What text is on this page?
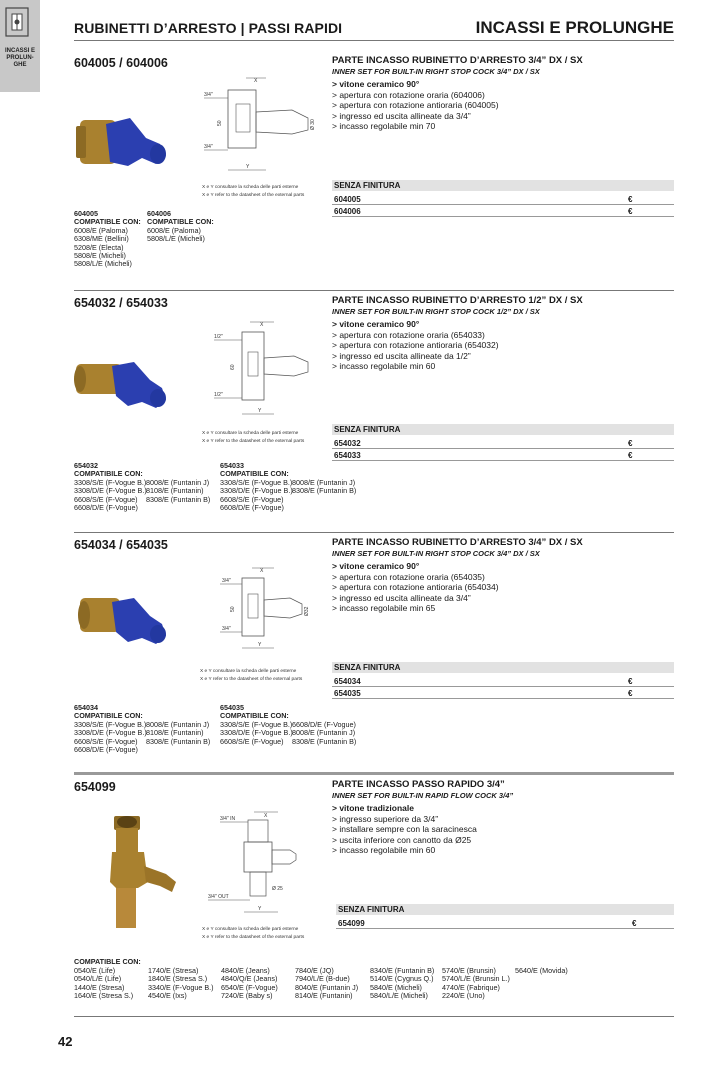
INCASSI E PROLUN- GHE
RUBINETTI D’ARRESTO | PASSI RAPIDI	INCASSI E PROLUNGHE
604005 / 604006
X
3/4"
3/4"
50	Ø 30
Y
X e Y consultare la scheda delle parti esterne
X e Y refer to the datasheet of the external parts
PARTE INCASSO RUBINETTO D’ARRESTO 3/4” DX / SX
INNER SET FOR BUILT-IN RIGHT STOP COCK 3/4” DX / SX
> vitone ceramico 90°
> apertura con rotazione oraria (604006)
> apertura con rotazione antioraria (604005)
> ingresso ed uscita allineate da 3/4”
> incasso regolabile min 70
SENZA FINITURA
604005	€
604006	€
604005
COMPATIBLE CON:
6008/E (Paloma)
6308/ME (Bellini)
5208/E (Electa)
5808/E (Micheli)
5808/L/E (Micheli)
604006
COMPATIBLE CON:
6008/E (Paloma)
5808/L/E (Micheli)
654032 / 654033
X
1/2"
1/2"
60
Y
X e Y consultare la scheda delle parti esterne
X e Y refer to the datasheet of the external parts
PARTE INCASSO RUBINETTO D’ARRESTO 1/2” DX / SX
INNER SET FOR BUILT-IN RIGHT STOP COCK 1/2” DX / SX
> vitone ceramico 90°
> apertura con rotazione oraria (654033)
> apertura con rotazione antioraria (654032)
> ingresso ed uscita allineate da 1/2”
> incasso regolabile min 60
SENZA FINITURA
654032	€
654033	€
654032
COMPATIBILE CON:
3308/S/E (F-Vogue B.)
3308/D/E (F-Vogue B.)
6608/S/E (F-Vogue)
6608/D/E (F-Vogue)
8008/E (Funtanin J)
8108/E (Funtanin)
8308/E (Funtanin B)
654033
COMPATIBILE CON:
3308/S/E (F-Vogue B.)
3308/D/E (F-Vogue B.)
6608/S/E (F-Vogue)
6608/D/E (F-Vogue)
8008/E (Funtanin J)
8308/E (Funtanin B)
654034 / 654035
X
3/4"
3/4"
50	Ø32
Y
X e Y consultare la scheda delle parti esterne
X e Y refer to the datasheet of the external parts
PARTE INCASSO RUBINETTO D’ARRESTO 3/4” DX / SX
INNER SET FOR BUILT-IN RIGHT STOP COCK 3/4” DX / SX
> vitone ceramico 90°
> apertura con rotazione oraria (654035)
> apertura con rotazione antioraria (654034)
> ingresso ed uscita allineate da 3/4”
> incasso regolabile min 65
SENZA FINITURA
654034	€
654035	€
654034
COMPATIBILE CON:
3308/S/E (F-Vogue B.)
3308/D/E (F-Vogue B.)
6608/S/E (F-Vogue)
6608/D/E (F-Vogue)
8008/E (Funtanin J)
8108/E (Funtanin)
8308/E (Funtanin B)
654035
COMPATIBILE CON:
3308/S/E (F-Vogue B.)
3308/D/E (F-Vogue B.)
6608/S/E (F-Vogue)
6608/D/E (F-Vogue)
8008/E (Funtanin J)
8308/E (Funtanin B)
654099
3/4" IN	X
Ø 25
3/4" OUT
Y
X e Y consultare la scheda delle parti esterne
X e Y refer to the datasheet of the external parts
PARTE INCASSO PASSO RAPIDO 3/4”
INNER SET FOR BUILT-IN RAPID FLOW COCK 3/4”
> vitone tradizionale
> ingresso superiore da 3/4”
> installare sempre con la saracinesca
> uscita inferiore con canotto da Ø25
> incasso regolabile min 60
SENZA FINITURA
654099	€
COMPATIBLE CON:
0540/E (Life)
0540/L/E (Life)
1440/E (Stresa)
1640/E (Stresa S.)
1740/E (Stresa)
1840/E (Stresa S.)
3340/E (F-Vogue B.)
4540/E (Ixs)
4840/E (Jeans)
4840/Q/E (Jeans)
6540/E (F-Vogue)
7240/E (Baby s)
7840/E (JQ)
7940/L/E (B-due)
8040/E (Funtanin J)
8140/E (Funtanin)
8340/E (Funtanin B)
5140/E (Cygnus Q.)
5840/E (Micheli)
5840/L/E (Micheli)
5740/E (Brunsin)
5740/L/E (Brunsin L.)
4740/E (Fabrique)
2240/E (Uno)
5640/E (Movida)
42
